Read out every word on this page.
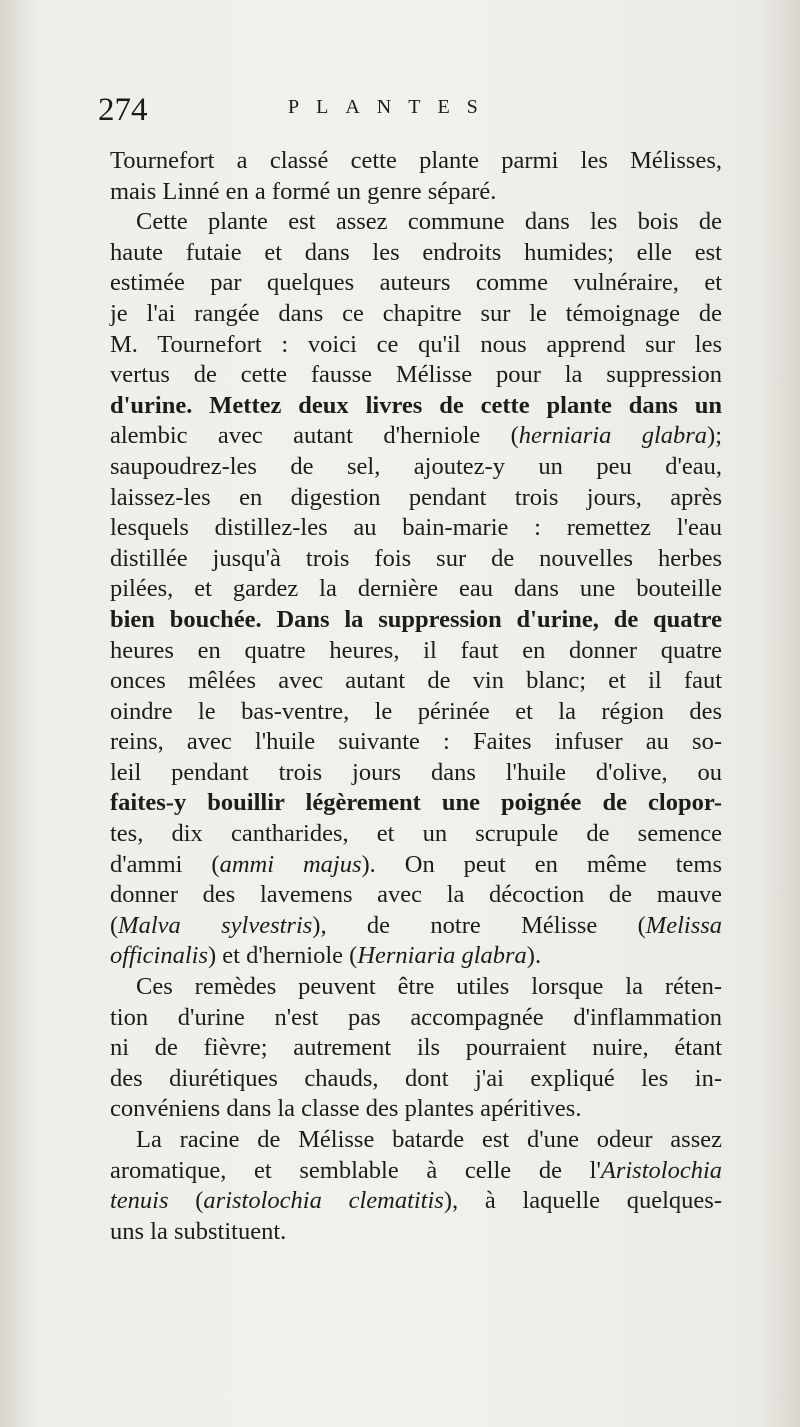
274	PLANTES
Tournefort a classé cette plante parmi les Mélisses,
mais Linné en a formé un genre séparé.
Cette plante est assez commune dans les bois de
haute futaie et dans les endroits humides; elle est
estimée par quelques auteurs comme vulnéraire, et
je l'ai rangée dans ce chapitre sur le témoignage de
M. Tournefort : voici ce qu'il nous apprend sur les
vertus de cette fausse Mélisse pour la suppression
d'urine. Mettez deux livres de cette plante dans un
alembic avec autant d'herniole (herniaria glabra);
saupoudrez-les de sel, ajoutez-y un peu d'eau,
laissez-les en digestion pendant trois jours, après
lesquels distillez-les au bain-marie : remettez l'eau
distillée jusqu'à trois fois sur de nouvelles herbes
pilées, et gardez la dernière eau dans une bouteille
bien bouchée. Dans la suppression d'urine, de quatre
heures en quatre heures, il faut en donner quatre
onces mêlées avec autant de vin blanc; et il faut
oindre le bas-ventre, le périnée et la région des
reins, avec l'huile suivante : Faites infuser au so-
leil pendant trois jours dans l'huile d'olive, ou
faites-y bouillir légèrement une poignée de clopor-
tes, dix cantharides, et un scrupule de semence
d'ammi (ammi majus). On peut en même tems
donner des lavemens avec la décoction de mauve
(Malva sylvestris), de notre Mélisse (Melissa
officinalis) et d'herniole (Herniaria glabra).
Ces remèdes peuvent être utiles lorsque la réten-
tion d'urine n'est pas accompagnée d'inflammation
ni de fièvre; autrement ils pourraient nuire, étant
des diurétiques chauds, dont j'ai expliqué les in-
convéniens dans la classe des plantes apéritives.
La racine de Mélisse batarde est d'une odeur assez
aromatique, et semblable à celle de l'Aristolochia
tenuis (aristolochia clematitis), à laquelle quelques-
uns la substituent.
